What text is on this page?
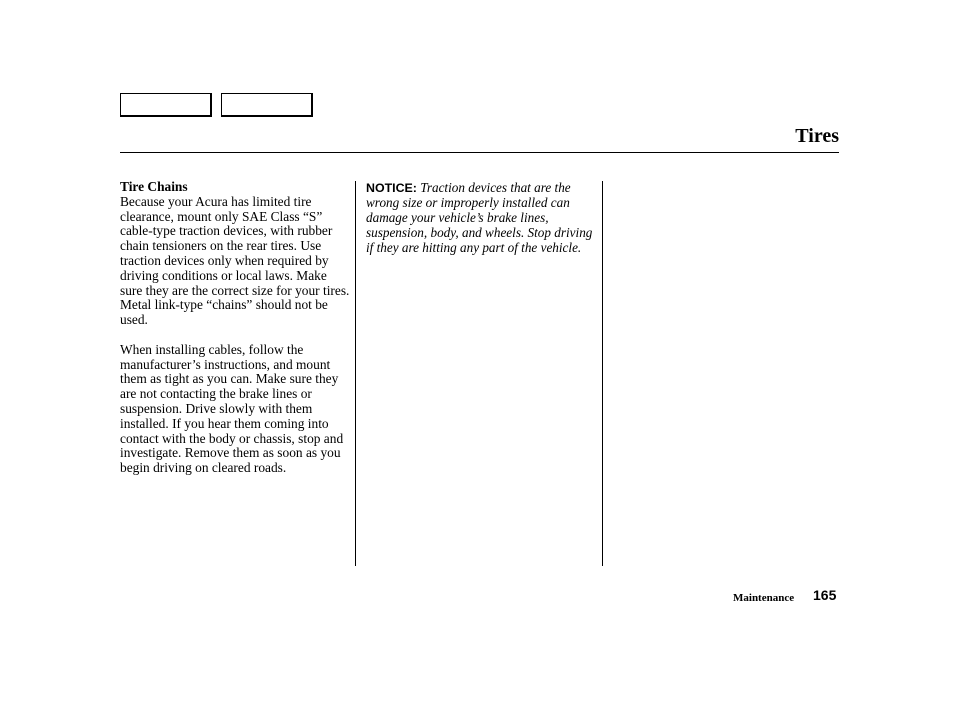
Tires

Tire Chains

Because your Acura has limited tire clearance, mount only SAE Class “S” cable-type traction devices, with rubber chain tensioners on the rear tires. Use traction devices only when required by driving conditions or local laws. Make sure they are the correct size for your tires. Metal link-type “chains” should not be used.

When installing cables, follow the manufacturer’s instructions, and mount them as tight as you can. Make sure they are not contacting the brake lines or suspension. Drive slowly with them installed. If you hear them coming into contact with the body or chassis, stop and investigate. Remove them as soon as you begin driving on cleared roads.

NOTICE: Traction devices that are the wrong size or improperly installed can damage your vehicle’s brake lines, suspension, body, and wheels. Stop driving if they are hitting any part of the vehicle.
Maintenance 165
